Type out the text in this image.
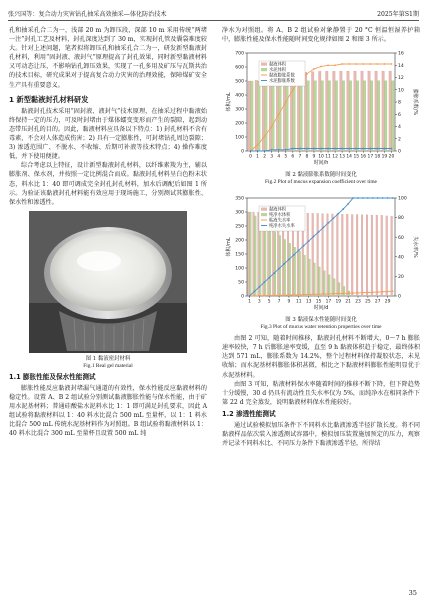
张兴国等：复合动力灾害钻孔抽采高效抽采—体化防治技术	2025年第S1期

孔和抽采孔合二为一，浅部 20 m 为卸压段，深部 10 m 采用传统“两堵一注”封孔工艺及材料，封孔深度达到了 30 m，实现封孔管及囊袋难度较大。针对上述问题，笔者拟将卸压孔和抽采孔合二为一，研发新型黏液封孔材料，利用“固封液、液封气”原理提高了封孔效果，同时新型黏液材料又可动态让压，不影响钻孔卸压效果，实现了一孔多用及矿压与瓦斯共治的技术目标，研究成果对于提高复合动力灾害的治理效能，保障煤矿安全生产具有重要意义。

1 新型黏液封孔材料研发

黏液封孔技术采用“固封液、液封气”技术原理，在抽采过程中黏液始终保持一定的压力，可及时封堵由于煤体蠕变变形而产生的裂隙，起到动态带压封孔的目的。因此，黏液材料应具备以下特点：1) 封孔材料不含有毒素，不会对人体造成伤害；2) 具有一定膨胀性，可封堵钻孔周边裂隙；3) 渗透范围广、不脱水、不收缩、后期可补液等技术特点；4) 操作难度低，并下使用便捷。

综合考虑以上特征，设计新型黏液封孔材料，以纤维素羧为主，辅以膨胀剂、保水剂，并按照一定比例混合而成。黏液封孔材料呈白色粉末状态，料水比 1：40 即可调成完全封孔封孔材料，加水后调配后如图 1 所示。为验证该黏液封孔材料能有效应用于现场施工，分别测试其膨胀性、保水性和渗透性。

图 1 黏液密封材料
Fig.1 Real gel material
1.1 膨胀性能及保水性能测试

膨胀性能反应黏液封堵漏气通道的有效性，保水性能反应黏液材料的稳定性。设置 A、B 2 组试验分别测试黏液膨胀性能与保水性能，由于矿用水泥基材料；普通硅酸盐水泥料水比 1：1 即可满足封孔要求，因此 A 组试验将黏液材料以 1：40 料水比混合 500 mL 至量杯，以 1：1 料水比混合 500 mL 传统水泥基材料作为对照组。B 组试验将黏液材料以 1：40 料水比混合 300 mL 至量杯且设置 500 mL 纯

净水为对照组。将 A、B 2 组试验对象静置于 20 °C 恒温恒湿养护箱中，膨胀性能及保水性能随时间变化规律如图 2 和图 3 所示。

0
100
200
300
400
500
600
700
0
2
4
6
8
10
12
14
16
0 1 2 3 4 5 6 7 8 9 10 11 12 13 14 15 16 17 18 19 20
时间/h
体积/mL	膨胀系数/%
黏液体积
水泥体积
黏液膨胀系数
水泥膨胀系数
图 2 黏液膨胀系数随时间变化
Fig.2 Plot of mucus expansion coefficient over time
0
50
100
150
200
250
300
350
0
20
40
60
80
100
1 3 5 7 9 11 13 15 17 19 21 23 25 27 29
时间/d
体积/mL	失水率/%
黏液体积
纯净水体积
粘液失水率
纯净水失水率
图 3 黏液保水性能随时间变化
Fig.3 Plot of mucus water retention properties over time

由图 2 可知，随着时间推移，黏液封孔材料不断增大，0～7 h 膨胀速率较快，7 h 后膨胀速率变缓，直至 9 h 黏液体积趋于稳定，最终体积达到 571 mL，膨胀系数为 14.2%，整个过程材料保持凝胶状态，未见收缩；而水泥基材料膨胀体积甚微，相比之下黏液材料膨胀性能明显优于水泥基材料。

由图 3 可知，粘液材料保水率随着时间的推移不断下降，但下降趋势十分缓慢，30 d 仍具有流动性且失水率仅为 5%，而纯净水在相同条件下第 22 d 完全蒸发，说明黏液材料保水性能较好。

1.2 渗透性能测试

通过试验模拟加压条件下不同料水比黏液渗透半径扩散长度。将不同黏液样品依次装入渗透测试容器中，模拟加压装置施加预定的压力，观察并记录不同料水比、不同压力条件下黏液渗透半径，所得结

35
